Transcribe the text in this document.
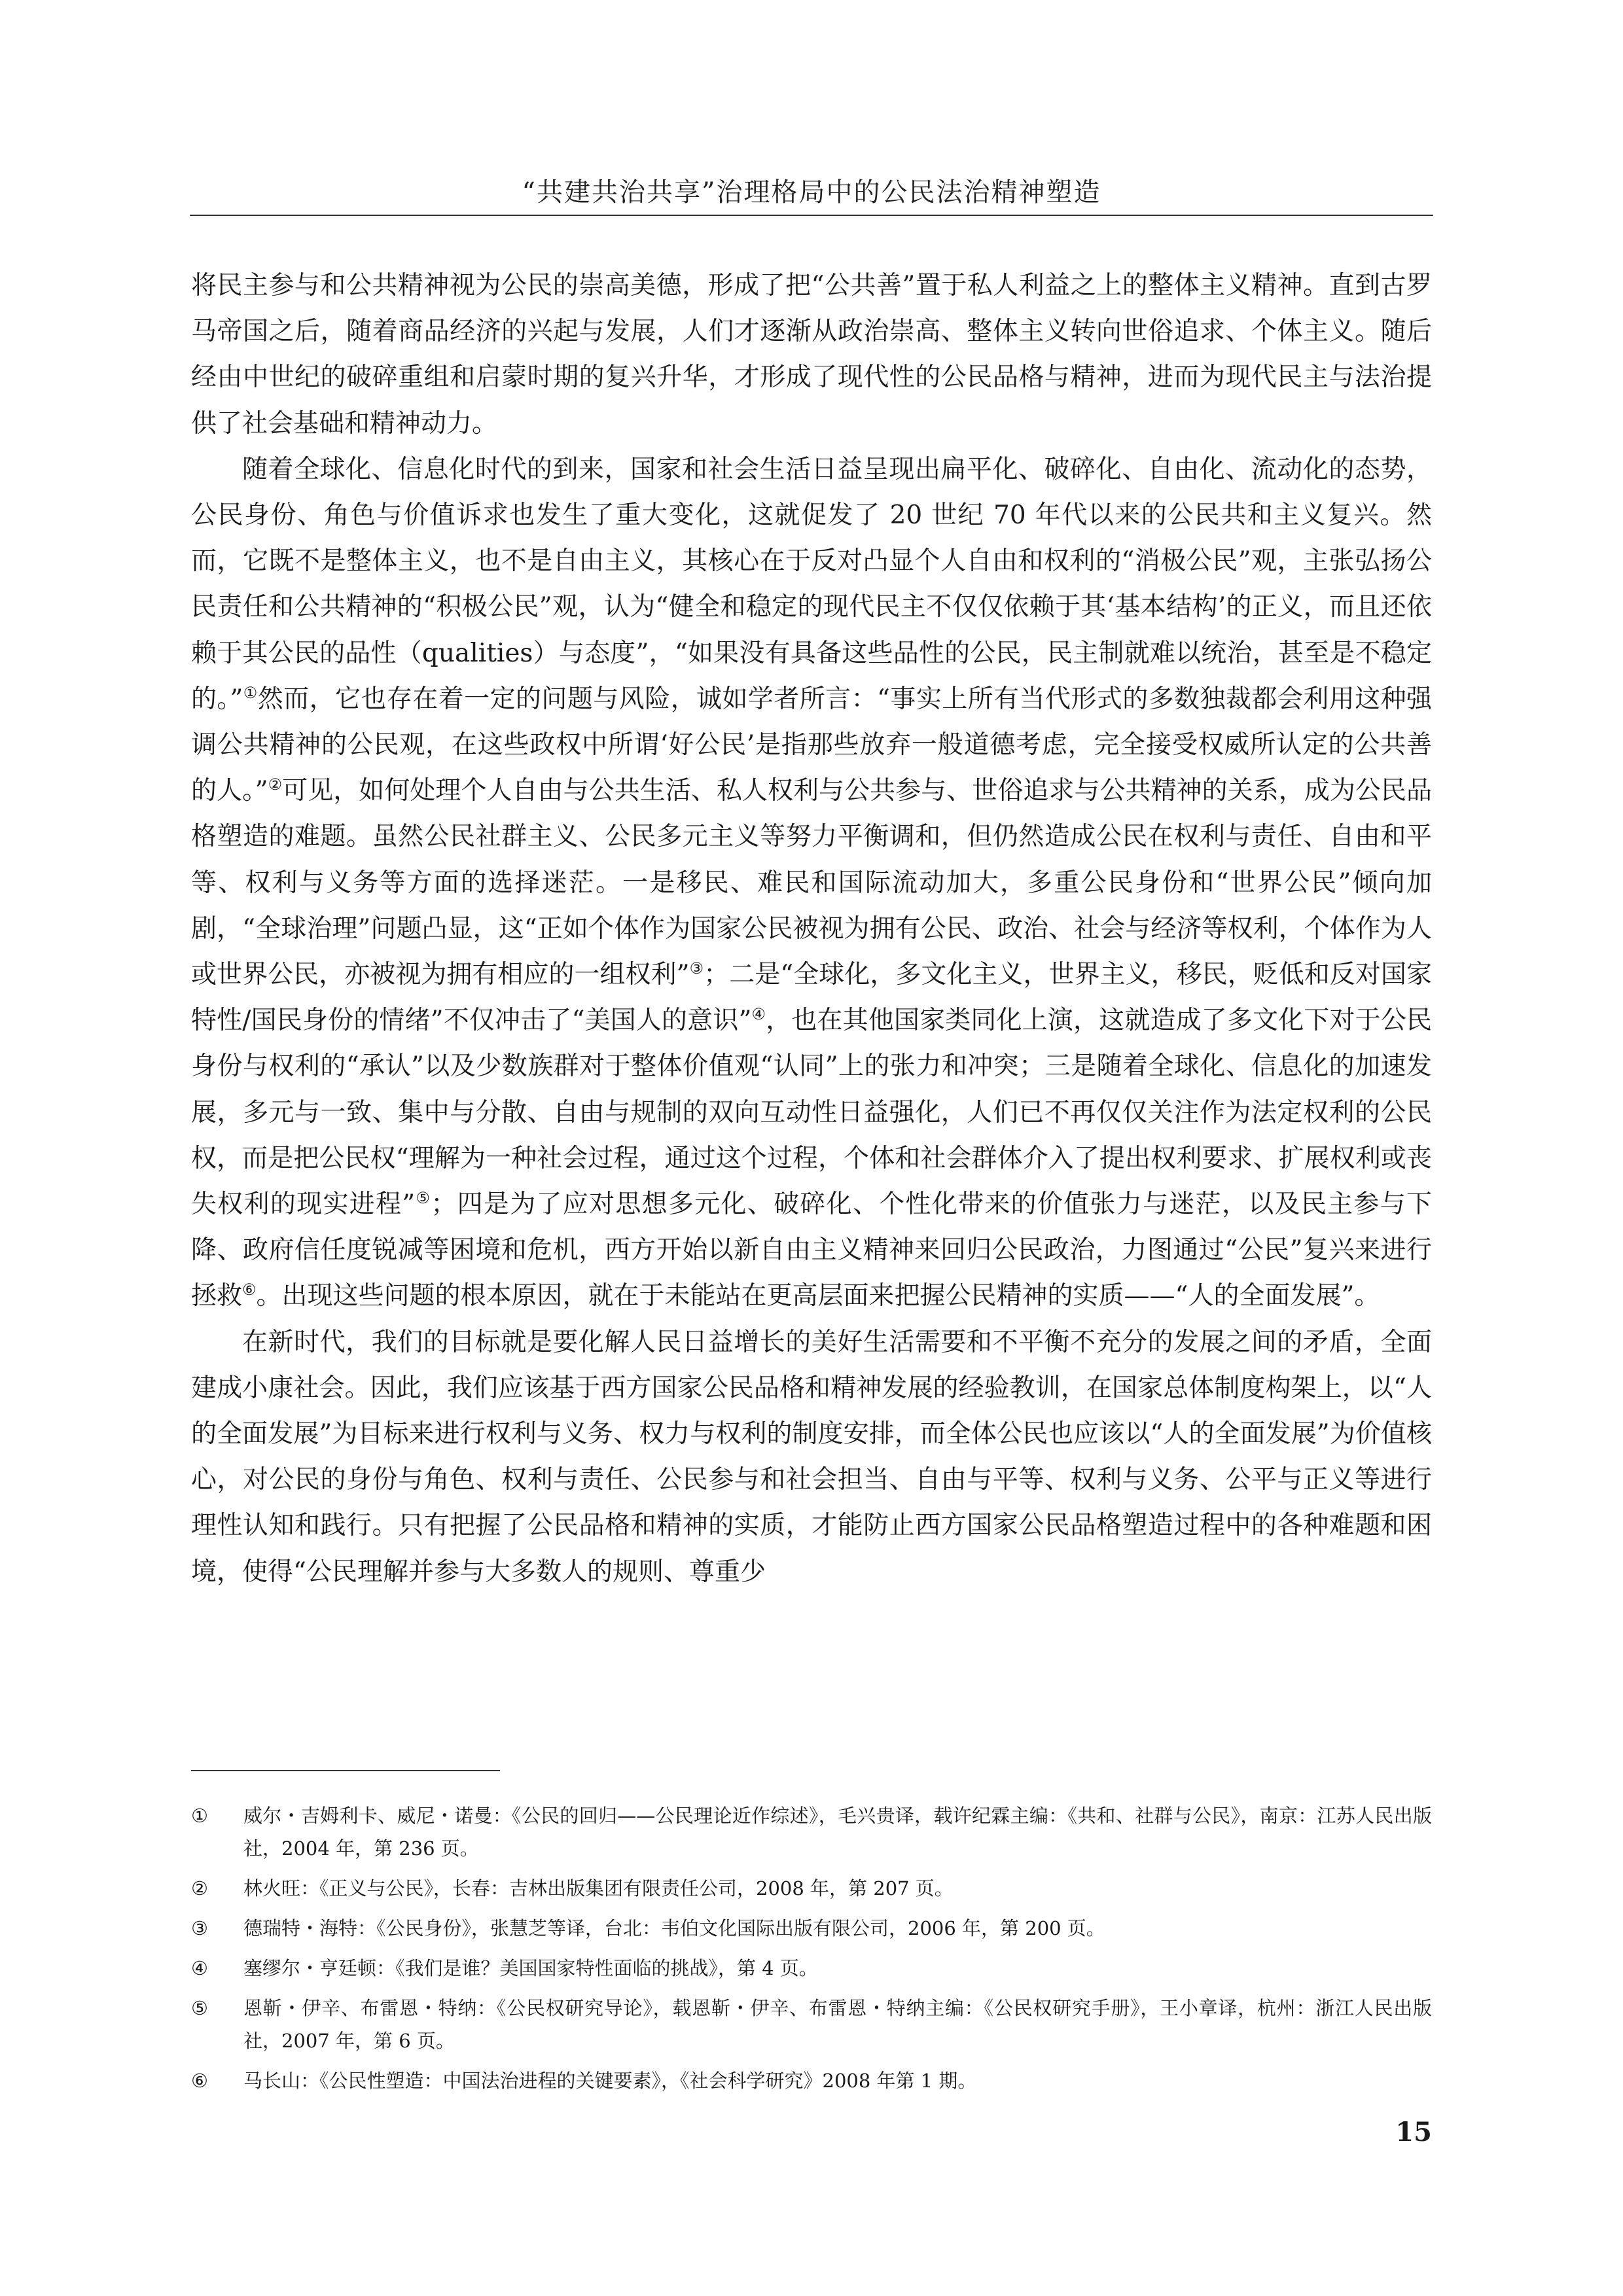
“共建共治共享”治理格局中的公民法治精神塑造

将民主参与和公共精神视为公民的崇高美德，形成了把“公共善”置于私人利益之上的整体主义精神。直到古罗马帝国之后，随着商品经济的兴起与发展，人们才逐渐从政治崇高、整体主义转向世俗追求、个体主义。随后经由中世纪的破碎重组和启蒙时期的复兴升华，才形成了现代性的公民品格与精神，进而为现代民主与法治提供了社会基础和精神动力。

随着全球化、信息化时代的到来，国家和社会生活日益呈现出扁平化、破碎化、自由化、流动化的态势，公民身份、角色与价值诉求也发生了重大变化，这就促发了 20 世纪 70 年代以来的公民共和主义复兴。然而，它既不是整体主义，也不是自由主义，其核心在于反对凸显个人自由和权利的“消极公民”观，主张弘扬公民责任和公共精神的“积极公民”观，认为“健全和稳定的现代民主不仅仅依赖于其‘基本结构’的正义，而且还依赖于其公民的品性（qualities）与态度”，“如果没有具备这些品性的公民，民主制就难以统治，甚至是不稳定的。”①然而，它也存在着一定的问题与风险，诚如学者所言：“事实上所有当代形式的多数独裁都会利用这种强调公共精神的公民观，在这些政权中所谓‘好公民’是指那些放弃一般道德考虑，完全接受权威所认定的公共善的人。”②可见，如何处理个人自由与公共生活、私人权利与公共参与、世俗追求与公共精神的关系，成为公民品格塑造的难题。虽然公民社群主义、公民多元主义等努力平衡调和，但仍然造成公民在权利与责任、自由和平等、权利与义务等方面的选择迷茫。一是移民、难民和国际流动加大，多重公民身份和“世界公民”倾向加剧，“全球治理”问题凸显，这“正如个体作为国家公民被视为拥有公民、政治、社会与经济等权利，个体作为人或世界公民，亦被视为拥有相应的一组权利”③；二是“全球化，多文化主义，世界主义，移民，贬低和反对国家特性/国民身份的情绪”不仅冲击了“美国人的意识”④，也在其他国家类同化上演，这就造成了多文化下对于公民身份与权利的“承认”以及少数族群对于整体价值观“认同”上的张力和冲突；三是随着全球化、信息化的加速发展，多元与一致、集中与分散、自由与规制的双向互动性日益强化，人们已不再仅仅关注作为法定权利的公民权，而是把公民权“理解为一种社会过程，通过这个过程，个体和社会群体介入了提出权利要求、扩展权利或丧失权利的现实进程”⑤；四是为了应对思想多元化、破碎化、个性化带来的价值张力与迷茫，以及民主参与下降、政府信任度锐减等困境和危机，西方开始以新自由主义精神来回归公民政治，力图通过“公民”复兴来进行拯救⑥。出现这些问题的根本原因，就在于未能站在更高层面来把握公民精神的实质——“人的全面发展”。

在新时代，我们的目标就是要化解人民日益增长的美好生活需要和不平衡不充分的发展之间的矛盾，全面建成小康社会。因此，我们应该基于西方国家公民品格和精神发展的经验教训，在国家总体制度构架上，以“人的全面发展”为目标来进行权利与义务、权力与权利的制度安排，而全体公民也应该以“人的全面发展”为价值核心，对公民的身份与角色、权利与责任、公民参与和社会担当、自由与平等、权利与义务、公平与正义等进行理性认知和践行。只有把握了公民品格和精神的实质，才能防止西方国家公民品格塑造过程中的各种难题和困境，使得“公民理解并参与大多数人的规则、尊重少

①	威尔・吉姆利卡、威尼・诺曼：《公民的回归——公民理论近作综述》，毛兴贵译，载许纪霖主编：《共和、社群与公民》，南京：江苏人民出版社，2004 年，第 236 页。
②	林火旺：《正义与公民》，长春：吉林出版集团有限责任公司，2008 年，第 207 页。
③	德瑞特・海特：《公民身份》，张慧芝等译，台北：韦伯文化国际出版有限公司，2006 年，第 200 页。
④	塞缪尔・亨廷顿：《我们是谁？美国国家特性面临的挑战》，第 4 页。
⑤	恩靳・伊辛、布雷恩・特纳：《公民权研究导论》，载恩靳・伊辛、布雷恩・特纳主编：《公民权研究手册》，王小章译，杭州：浙江人民出版社，2007 年，第 6 页。
⑥	马长山：《公民性塑造：中国法治进程的关键要素》，《社会科学研究》2008 年第 1 期。
15
